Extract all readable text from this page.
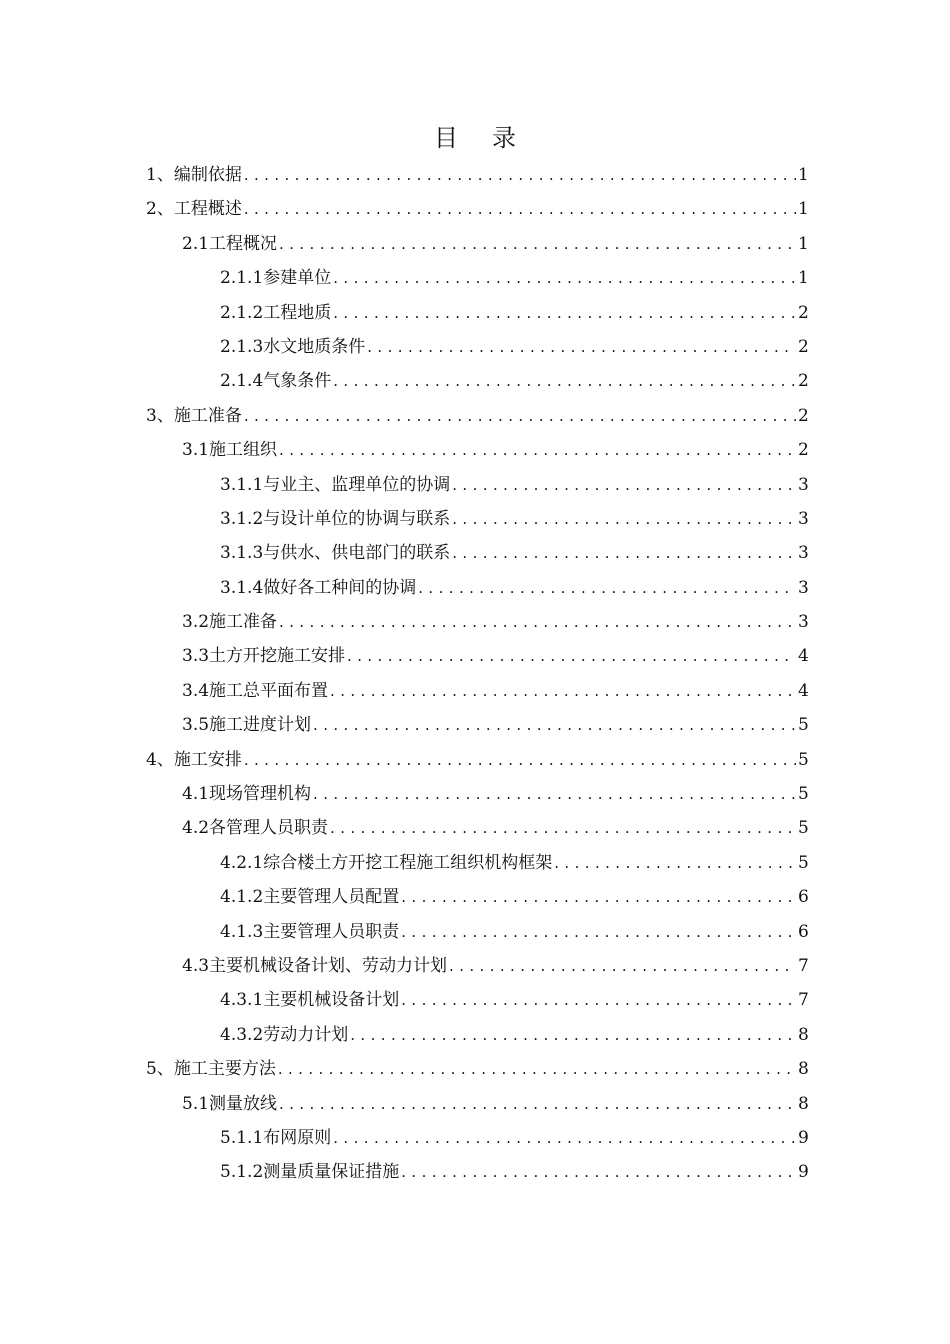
目 录
1、编制依据 .....	1
2、工程概述 .....	1
2.1工程概况 .....	1
2.1.1参建单位 .....	1
2.1.2工程地质 .....	2
2.1.3水文地质条件 .....	2
2.1.4气象条件 .....	2
3、施工准备 .....	2
3.1施工组织 .....	2
3.1.1与业主、监理单位的协调 .....	3
3.1.2与设计单位的协调与联系 .....	3
3.1.3与供水、供电部门的联系 .....	3
3.1.4做好各工种间的协调 .....	3
3.2施工准备 .....	3
3.3土方开挖施工安排 .....	4
3.4施工总平面布置 .....	4
3.5施工进度计划 .....	5
4、施工安排 .....	5
4.1现场管理机构 .....	5
4.2各管理人员职责 .....	5
4.2.1综合楼土方开挖工程施工组织机构框架 .....	5
4.1.2主要管理人员配置 .....	6
4.1.3主要管理人员职责 .....	6
4.3主要机械设备计划、劳动力计划 .....	7
4.3.1主要机械设备计划 .....	7
4.3.2劳动力计划 .....	8
5、施工主要方法 .....	8
5.1测量放线 .....	8
5.1.1布网原则 .....	9
5.1.2测量质量保证措施 .....	9
